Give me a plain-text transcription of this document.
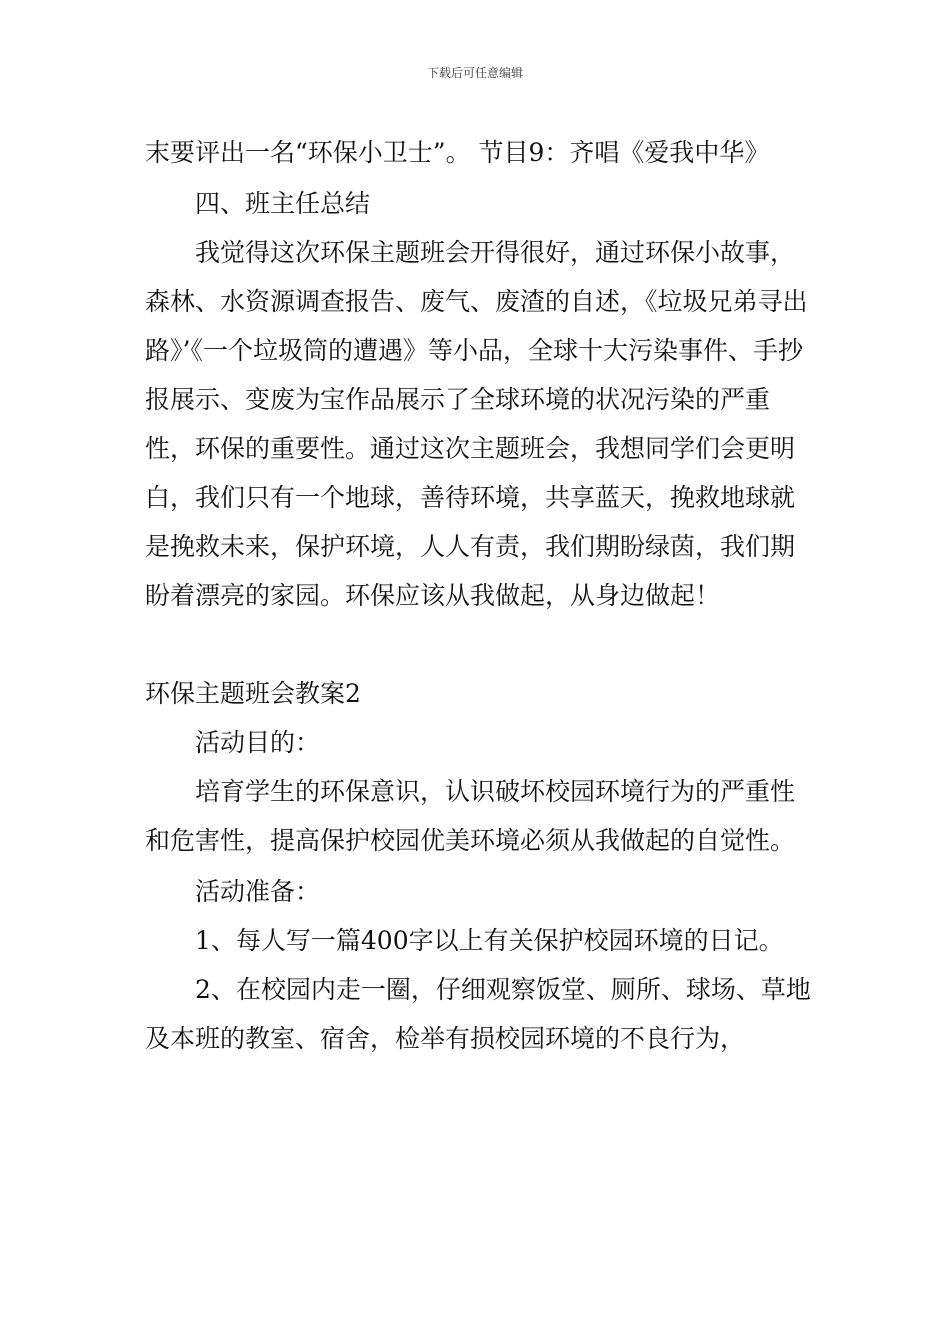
下载后可任意编辑

末要评出一名“环保小卫士”。 节目9：齐唱《爱我中华》

四、班主任总结

我觉得这次环保主题班会开得很好，通过环保小故事，森林、水资源调查报告、废气、废渣的自述，《垃圾兄弟寻出路》’《一个垃圾筒的遭遇》等小品，全球十大污染事件、手抄报展示、变废为宝作品展示了全球环境的状况污染的严重性，环保的重要性。通过这次主题班会，我想同学们会更明白，我们只有一个地球，善待环境，共享蓝天，挽救地球就是挽救未来，保护环境，人人有责，我们期盼绿茵，我们期盼着漂亮的家园。环保应该从我做起，从身边做起！

环保主题班会教案2

活动目的：

培育学生的环保意识，认识破坏校园环境行为的严重性和危害性，提高保护校园优美环境必须从我做起的自觉性。

活动准备：

1、每人写一篇400字以上有关保护校园环境的日记。

2、在校园内走一圈，仔细观察饭堂、厕所、球场、草地及本班的教室、宿舍，检举有损校园环境的不良行为，
